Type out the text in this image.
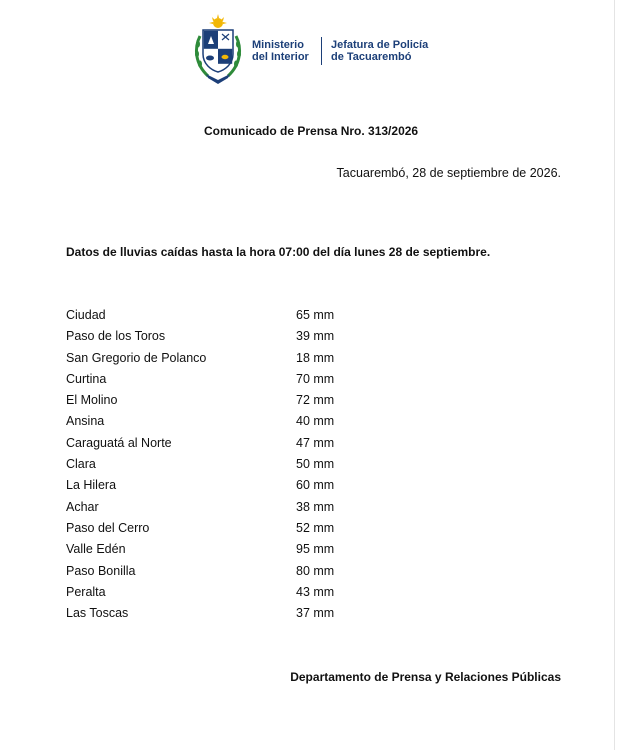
Ministerio
del Interior
Jefatura de Policía
de Tacuarembó
Comunicado de Prensa Nro. 313/2026
Tacuarembó, 28 de septiembre de 2026.
Datos de lluvias caídas hasta la hora 07:00 del día lunes 28 de septiembre.
Ciudad	65 mm
Paso de los Toros	39 mm
San Gregorio de Polanco	18 mm
Curtina	70 mm
El Molino	72 mm
Ansina	40 mm
Caraguatá al Norte	47 mm
Clara	50 mm
La Hilera	60 mm
Achar	38 mm
Paso del Cerro	52 mm
Valle Edén	95 mm
Paso Bonilla	80 mm
Peralta	43 mm
Las Toscas	37 mm
Departamento de Prensa y Relaciones Públicas
